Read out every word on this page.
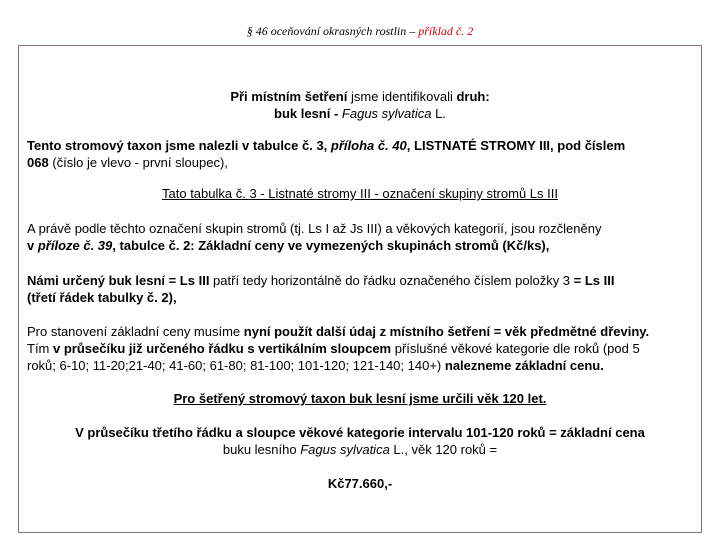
§ 46 oceňování okrasných rostlin – příklad č. 2
Při místním šetření jsme identifikovali druh:
buk lesní - Fagus sylvatica L.
Tento stromový taxon jsme nalezli v tabulce č. 3, příloha č. 40, LISTNATÉ STROMY III, pod číslem
068 (číslo je vlevo - první sloupec),
Tato tabulka č. 3 - Listnaté stromy III - označení skupiny stromů Ls III
A právě podle těchto označení skupin stromů (tj. Ls I až Js III) a věkových kategorií, jsou rozčleněny
v příloze č. 39, tabulce č. 2: Základní ceny ve vymezených skupinách stromů (Kč/ks),
Námi určený buk lesní = Ls III patří tedy horizontálně do řádku označeného číslem položky 3 = Ls III
(třetí řádek tabulky č. 2),
Pro stanovení základní ceny musíme nyní použít další údaj z místního šetření = věk předmětné dřeviny.
Tím v průsečíku již určeného řádku s vertikálním sloupcem příslušné věkové kategorie dle roků (pod 5
roků; 6-10; 11-20;21-40; 41-60; 61-80; 81-100; 101-120; 121-140; 140+) nalezneme základní cenu.
Pro šetřený stromový taxon buk lesní jsme určili věk 120 let.
V průsečíku třetího řádku a sloupce věkové kategorie intervalu 101-120 roků = základní cena
buku lesního Fagus sylvatica L., věk 120 roků =
Kč77.660,-
